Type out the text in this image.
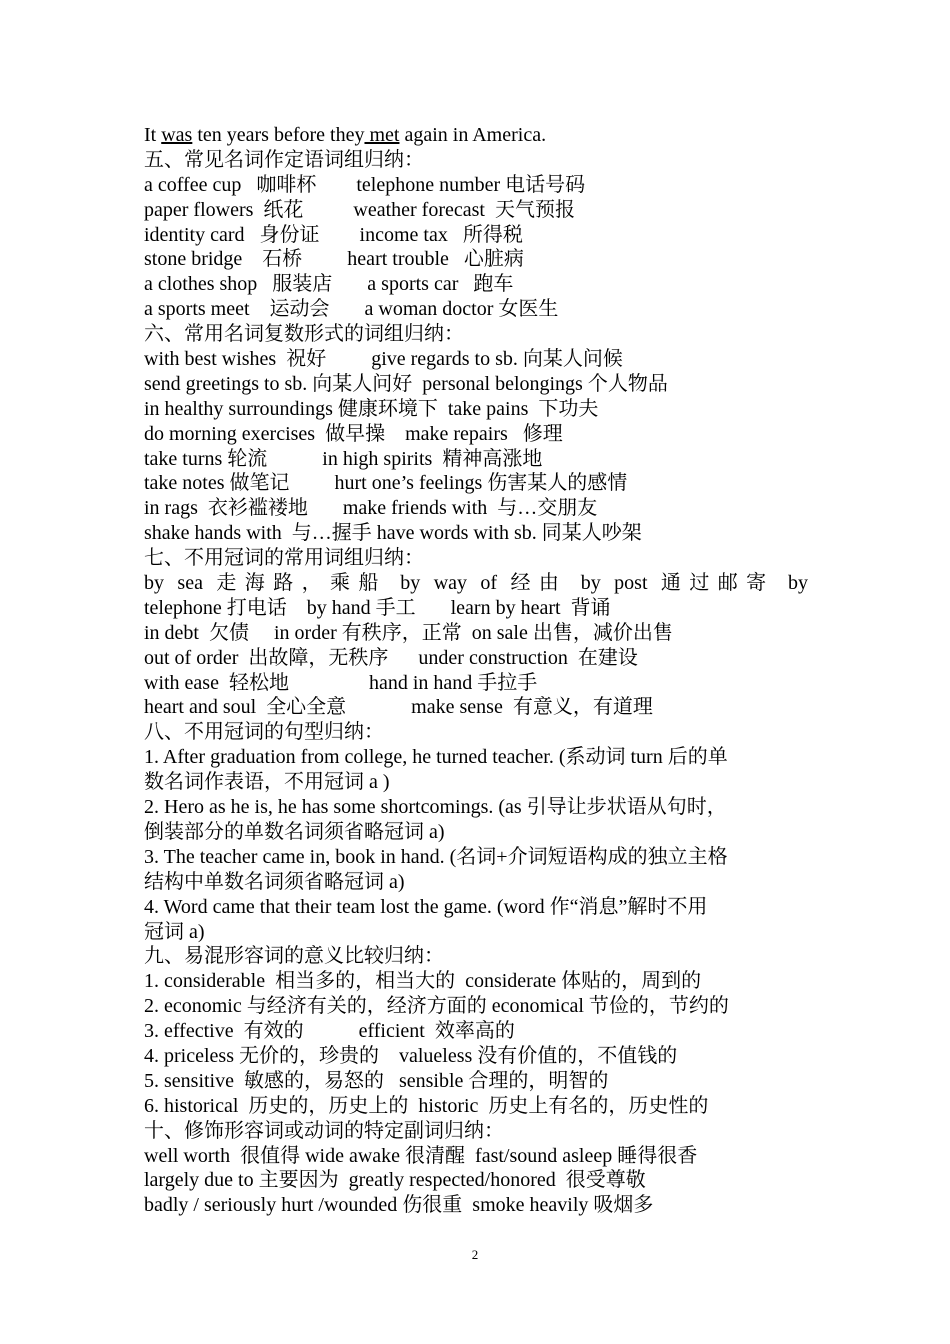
It was ten years before they met again in America.
五、常见名词作定语词组归纳：
a coffee cup   咖啡杯        telephone number 电话号码
paper flowers  纸花          weather forecast  天气预报
identity card   身份证        income tax   所得税
stone bridge    石桥         heart trouble   心脏病
a clothes shop   服装店       a sports car   跑车
a sports meet    运动会       a woman doctor 女医生
六、常用名词复数形式的词组归纳：
with best wishes  祝好         give regards to sb. 向某人问候
send greetings to sb. 向某人问好  personal belongings 个人物品
in healthy surroundings 健康环境下  take pains  下功夫
do morning exercises  做早操    make repairs   修理
take turns 轮流           in high spirits  精神高涨地
take notes 做笔记         hurt one’s feelings 伤害某人的感情
in rags  衣衫褴褛地       make friends with  与…交朋友
shake hands with  与…握手 have words with sb. 同某人吵架
七、不用冠词的常用词组归纳：
by sea 走海路，乘船 by way of 经由 by post 通过邮寄 by
telephone 打电话    by hand 手工       learn by heart  背诵
in debt  欠债     in order 有秩序，正常  on sale 出售，减价出售
out of order  出故障，无秩序      under construction  在建设
with ease  轻松地                hand in hand 手拉手
heart and soul  全心全意             make sense  有意义，有道理
八、不用冠词的句型归纳：
1. After graduation from college, he turned teacher. (系动词 turn 后的单
数名词作表语，不用冠词 a )
2. Hero as he is, he has some shortcomings. (as 引导让步状语从句时，
倒装部分的单数名词须省略冠词 a)
3. The teacher came in, book in hand. (名词+介词短语构成的独立主格
结构中单数名词须省略冠词 a)
4. Word came that their team lost the game. (word 作“消息”解时不用
冠词 a)
九、易混形容词的意义比较归纳：
1. considerable  相当多的，相当大的  considerate 体贴的，周到的
2. economic 与经济有关的，经济方面的 economical 节俭的，节约的
3. effective  有效的           efficient  效率高的
4. priceless 无价的，珍贵的    valueless 没有价值的，不值钱的
5. sensitive  敏感的，易怒的   sensible 合理的，明智的
6. historical  历史的，历史上的  historic  历史上有名的，历史性的
十、修饰形容词或动词的特定副词归纳：
well worth  很值得 wide awake 很清醒  fast/sound asleep 睡得很香
largely due to 主要因为  greatly respected/honored  很受尊敬
badly / seriously hurt /wounded 伤很重  smoke heavily 吸烟多
2
